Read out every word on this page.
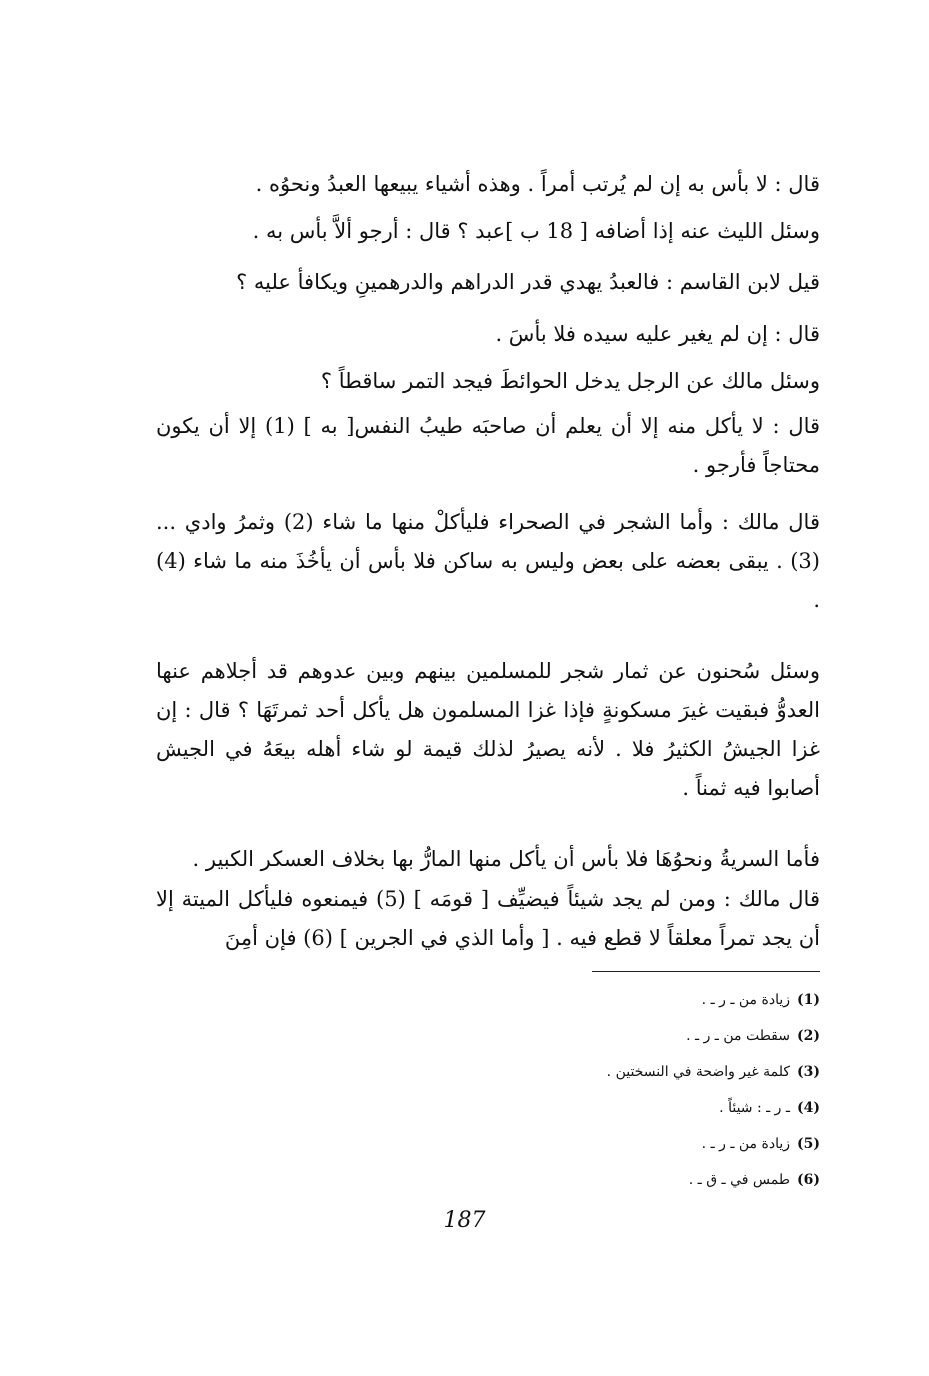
قال : لا بأس به إن لم يُرتب أمراً . وهذه أشياء يبيعها العبدُ ونحوُه .
وسئل الليث عنه إذا أضافه [ 18 ب ]عبد ؟ قال : أرجو ألاَّ بأس به .
قيل لابن القاسم : فالعبدُ يهدي قدر الدراهم والدرهمينِ ويكافأ عليه ؟
قال : إن لم يغير عليه سيده فلا بأسَ .
وسئل مالك عن الرجل يدخل الحوائطَ فيجد التمر ساقطاً ؟
قال : لا يأكل منه إلا أن يعلم أن صاحبَه طيبُ النفس[ به ] (1) إلا أن يكون محتاجاً فأرجو .
قال مالك : وأما الشجر في الصحراء فليأكلْ منها ما شاء (2) وثمرُ وادي ... (3) . يبقى بعضه على بعض وليس به ساكن فلا بأس أن يأخُذَ منه ما شاء (4) .
وسئل سُحنون عن ثمار شجر للمسلمين بينهم وبين عدوهم قد أجلاهم عنها العدوُّ فبقيت غيرَ مسكونةٍ فإذا غزا المسلمون هل يأكل أحد ثمرتَهَا ؟ قال : إن غزا الجيشُ الكثيرُ فلا . لأنه يصيرُ لذلك قيمة لو شاء أهله بيعَهُ في الجيش أصابوا فيه ثمناً .
فأما السريةُ ونحوُهَا فلا بأس أن يأكل منها المارُّ بها بخلاف العسكر الكبير .
قال مالك : ومن لم يجد شيئاً فيضيِّف [ قومَه ] (5) فيمنعوه فليأكل الميتة إلا أن يجد تمراً معلقاً لا قطع فيه . [ وأما الذي في الجرين ] (6) فإن أمِنَ
(1)زيادة من ـ ر ـ .
(2)سقطت من ـ ر ـ .
(3)كلمة غير واضحة في النسختين .
(4)ـ ر ـ : شيئاً .
(5)زيادة من ـ ر ـ .
(6)طمس في ـ ق ـ .
187
